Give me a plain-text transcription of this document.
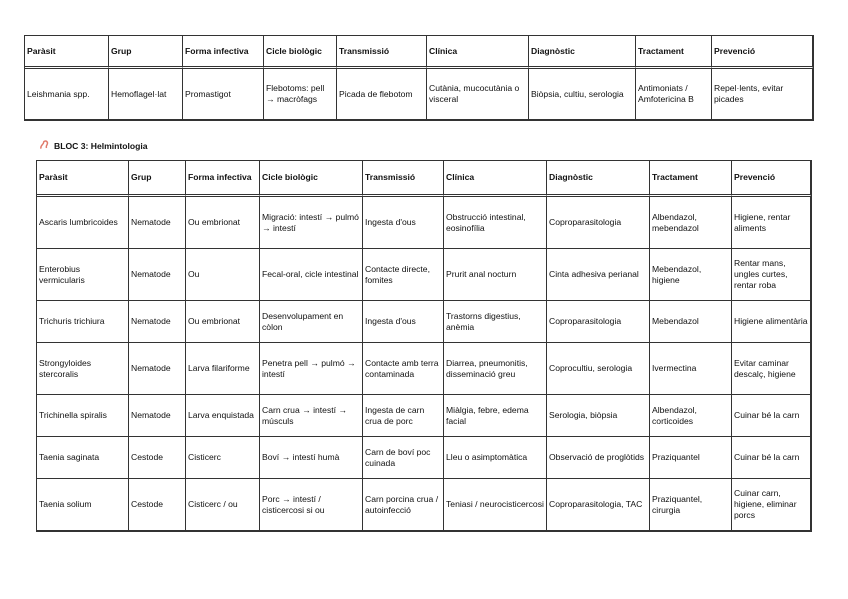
Paràsit	Grup	Forma infectiva	Cicle biològic	Transmissió	Clínica	Diagnòstic	Tractament	Prevenció
Leishmania spp.	Hemoflagel·lat	Promastigot	Flebotoms: pell → macròfags	Picada de flebotom	Cutània, mucocutània o visceral	Biòpsia, cultiu, serologia	Antimoniats / Amfotericina B	Repel·lents, evitar picades
BLOC 3: Helmintologia
Paràsit	Grup	Forma infectiva	Cicle biològic	Transmissió	Clínica	Diagnòstic	Tractament	Prevenció
Ascaris lumbricoides	Nematode	Ou embrionat	Migració: intestí → pulmó → intestí	Ingesta d'ous	Obstrucció intestinal, eosinofília	Coproparasitologia	Albendazol, mebendazol	Higiene, rentar aliments
Enterobius vermicularis	Nematode	Ou	Fecal-oral, cicle intestinal	Contacte directe, fomites	Prurit anal nocturn	Cinta adhesiva perianal	Mebendazol, higiene	Rentar mans, ungles curtes, rentar roba
Trichuris trichiura	Nematode	Ou embrionat	Desenvolupament en còlon	Ingesta d'ous	Trastorns digestius, anèmia	Coproparasitologia	Mebendazol	Higiene alimentària
Strongyloides stercoralis	Nematode	Larva filariforme	Penetra pell → pulmó → intestí	Contacte amb terra contaminada	Diarrea, pneumonitis, disseminació greu	Coprocultiu, serologia	Ivermectina	Evitar caminar descalç, higiene
Trichinella spiralis	Nematode	Larva enquistada	Carn crua → intestí → músculs	Ingesta de carn crua de porc	Miàlgia, febre, edema facial	Serologia, biòpsia	Albendazol, corticoides	Cuinar bé la carn
Taenia saginata	Cestode	Cisticerc	Boví → intestí humà	Carn de boví poc cuinada	Lleu o asimptomàtica	Observació de proglòtids	Praziquantel	Cuinar bé la carn
Taenia solium	Cestode	Cisticerc / ou	Porc → intestí / cisticercosi si ou	Carn porcina crua / autoinfecció	Teniasi / neurocisticercosi	Coproparasitologia, TAC	Praziquantel, cirurgia	Cuinar carn, higiene, eliminar porcs
